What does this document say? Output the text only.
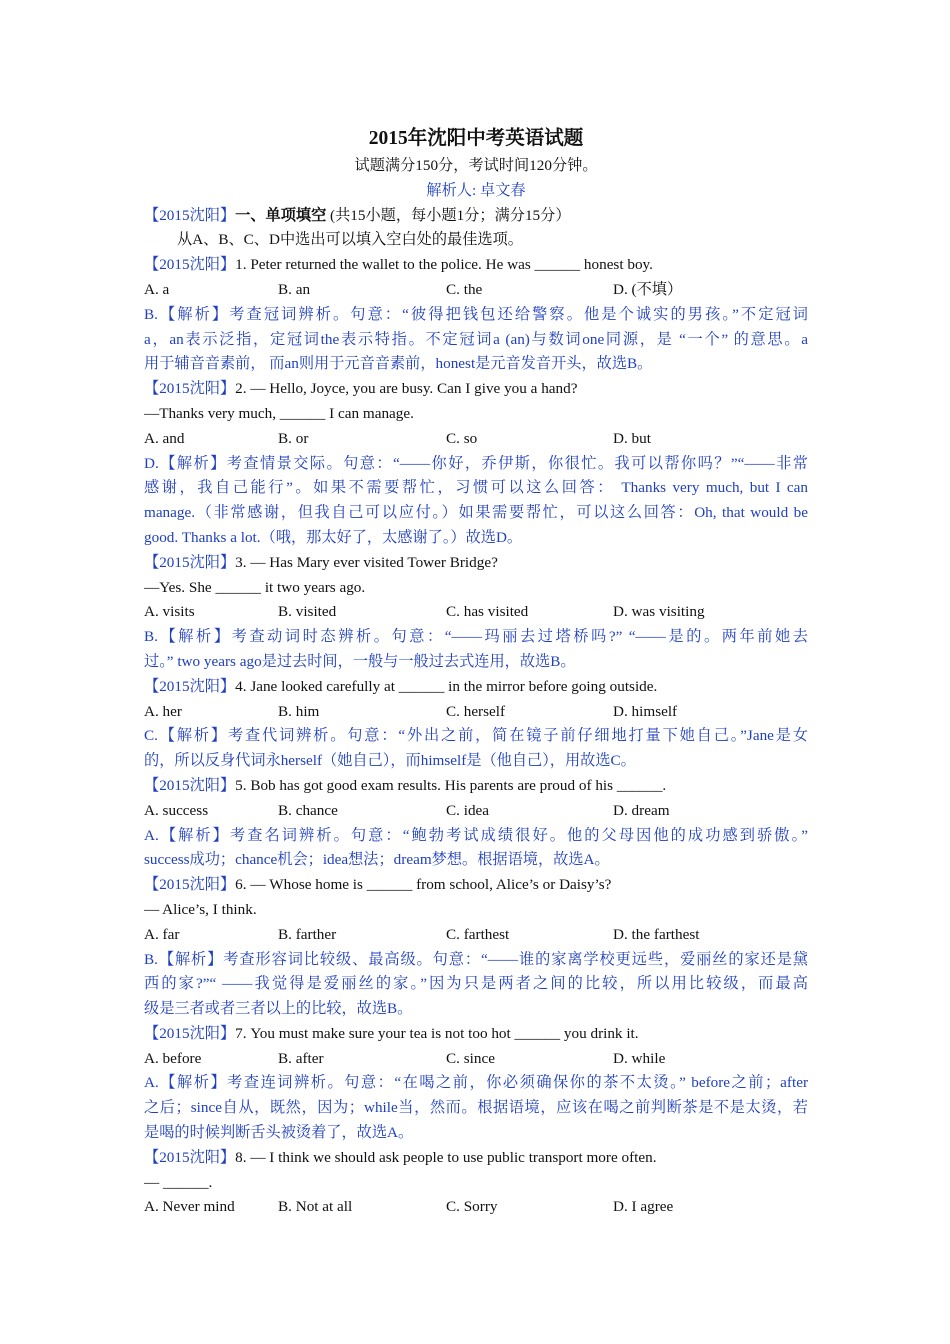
2015年沈阳中考英语试题
试题满分150分，考试时间120分钟。
解析人: 卓文春
【2015沈阳】一、单项填空 (共15小题，每小题1分；满分15分）
从A、B、C、D中选出可以填入空白处的最佳选项。
【2015沈阳】1. Peter returned the wallet to the police. He was ______ honest boy.
A. a	B. an	C. the	D. (不填）
B.【解析】考查冠词辨析。句意：“彼得把钱包还给警察。他是个诚实的男孩。”不定冠词
a，an表示泛指，定冠词the表示特指。不定冠词a (an)与数词one同源，是 “一个” 的意思。a
用于辅音音素前， 而an则用于元音音素前，honest是元音发音开头，故选B。
【2015沈阳】2. — Hello, Joyce, you are busy. Can I give you a hand?
—Thanks very much, ______ I can manage.
A. and	B. or	C. so	D. but
D.【解析】考查情景交际。句意：“——你好，乔伊斯，你很忙。我可以帮你吗？”“——非常
感谢，我自己能行”。如果不需要帮忙，习惯可以这么回答： Thanks very much, but I can
manage.（非常感谢，但我自己可以应付。）如果需要帮忙，可以这么回答：Oh, that would be
good. Thanks a lot.（哦，那太好了，太感谢了。）故选D。
【2015沈阳】3. — Has Mary ever visited Tower Bridge?
—Yes. She ______ it two years ago.
A. visits	B. visited	C. has visited	D. was visiting
B.【解析】考查动词时态辨析。句意：“——玛丽去过塔桥吗?” “——是的。两年前她去
过。” two years ago是过去时间，一般与一般过去式连用，故选B。
【2015沈阳】4. Jane looked carefully at ______ in the mirror before going outside.
A. her	B. him	C. herself	D. himself
C.【解析】考查代词辨析。句意：“外出之前，简在镜子前仔细地打量下她自己。”Jane是女
的，所以反身代词永herself（她自己），而himself是（他自己），用故选C。
【2015沈阳】5. Bob has got good exam results. His parents are proud of his ______.
A. success	B. chance	C. idea	D. dream
A.【解析】考查名词辨析。句意：“鲍勃考试成绩很好。他的父母因他的成功感到骄傲。”
success成功；chance机会；idea想法；dream梦想。根据语境，故选A。
【2015沈阳】6. — Whose home is ______ from school, Alice’s or Daisy’s?
— Alice’s, I think.
A. far	B. farther	C. farthest	D. the farthest
B.【解析】考查形容词比较级、最高级。句意：“——谁的家离学校更远些，爱丽丝的家还是黛
西的家?”“ ——我觉得是爱丽丝的家。”因为只是两者之间的比较，所以用比较级，而最高
级是三者或者三者以上的比较，故选B。
【2015沈阳】7. You must make sure your tea is not too hot ______ you drink it.
A. before	B. after	C. since	D. while
A.【解析】考查连词辨析。句意：“在喝之前，你必须确保你的茶不太烫。” before之前；after
之后；since自从，既然，因为；while当，然而。根据语境，应该在喝之前判断茶是不是太烫，若
是喝的时候判断舌头被烫着了，故选A。
【2015沈阳】8. — I think we should ask people to use public transport more often.
— ______.
A. Never mind	B. Not at all	C. Sorry	D. I agree
